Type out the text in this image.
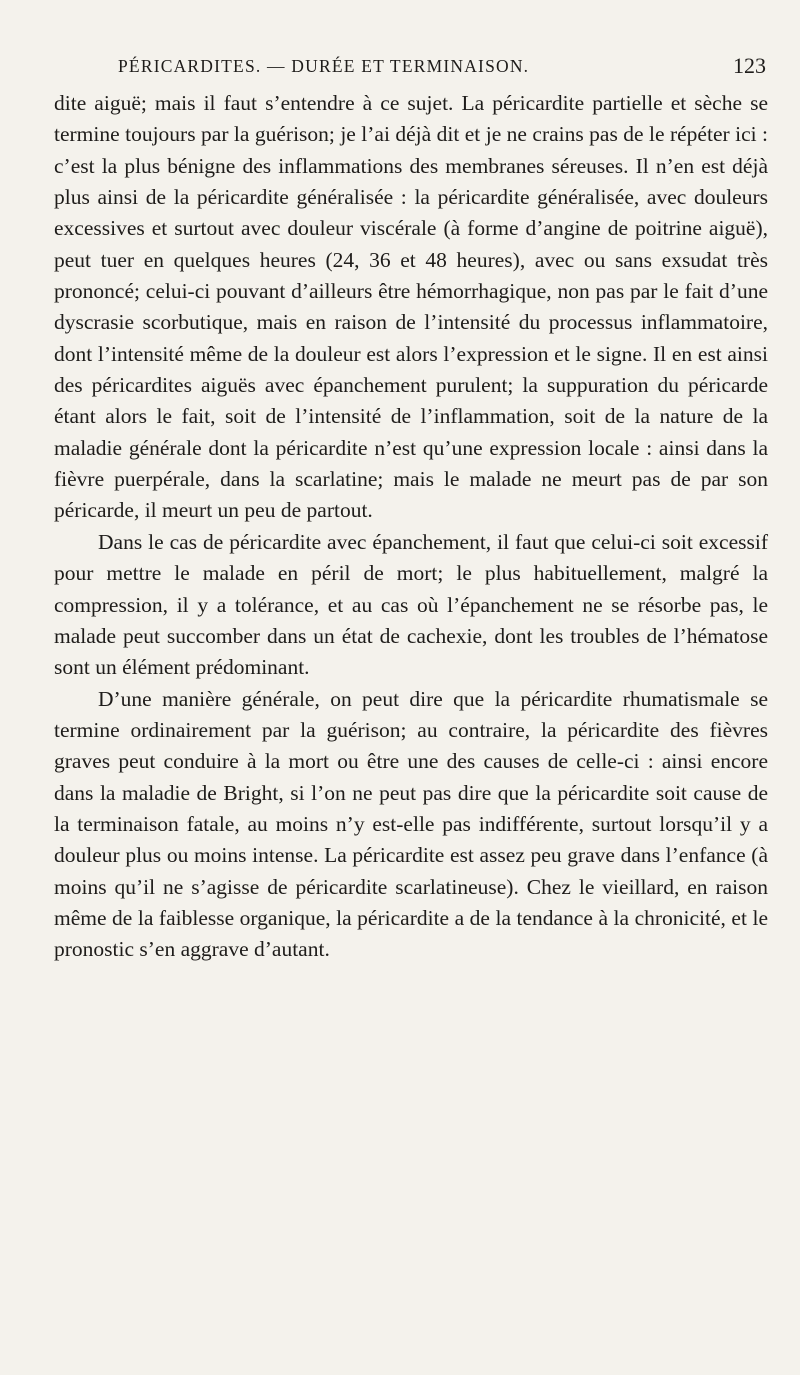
PÉRICARDITES. — DURÉE ET TERMINAISON.	123

dite aiguë; mais il faut s’entendre à ce sujet. La péricardite partielle et sèche se termine toujours par la guérison; je l’ai déjà dit et je ne crains pas de le répéter ici : c’est la plus bénigne des inflammations des membranes séreuses. Il n’en est déjà plus ainsi de la péricardite généralisée : la péricardite généralisée, avec douleurs excessives et surtout avec douleur viscérale (à forme d’angine de poitrine aiguë), peut tuer en quelques heures (24, 36 et 48 heures), avec ou sans exsudat très prononcé; celui-ci pouvant d’ailleurs être hémorrhagique, non pas par le fait d’une dyscrasie scorbutique, mais en raison de l’intensité du processus inflammatoire, dont l’intensité même de la douleur est alors l’expression et le signe. Il en est ainsi des péricardites aiguës avec épanchement purulent; la suppuration du péricarde étant alors le fait, soit de l’intensité de l’inflammation, soit de la nature de la maladie générale dont la péricardite n’est qu’une expression locale : ainsi dans la fièvre puerpérale, dans la scarlatine; mais le malade ne meurt pas de par son péricarde, il meurt un peu de partout.

Dans le cas de péricardite avec épanchement, il faut que celui-ci soit excessif pour mettre le malade en péril de mort; le plus habituellement, malgré la compression, il y a tolérance, et au cas où l’épanchement ne se résorbe pas, le malade peut succomber dans un état de cachexie, dont les troubles de l’hématose sont un élément prédominant.

D’une manière générale, on peut dire que la péricardite rhumatismale se termine ordinairement par la guérison; au contraire, la péricardite des fièvres graves peut conduire à la mort ou être une des causes de celle-ci : ainsi encore dans la maladie de Bright, si l’on ne peut pas dire que la péricardite soit cause de la terminaison fatale, au moins n’y est-elle pas indifférente, surtout lorsqu’il y a douleur plus ou moins intense. La péricardite est assez peu grave dans l’enfance (à moins qu’il ne s’agisse de péricardite scarlatineuse). Chez le vieillard, en raison même de la faiblesse organique, la péricardite a de la tendance à la chronicité, et le pronostic s’en aggrave d’autant.
